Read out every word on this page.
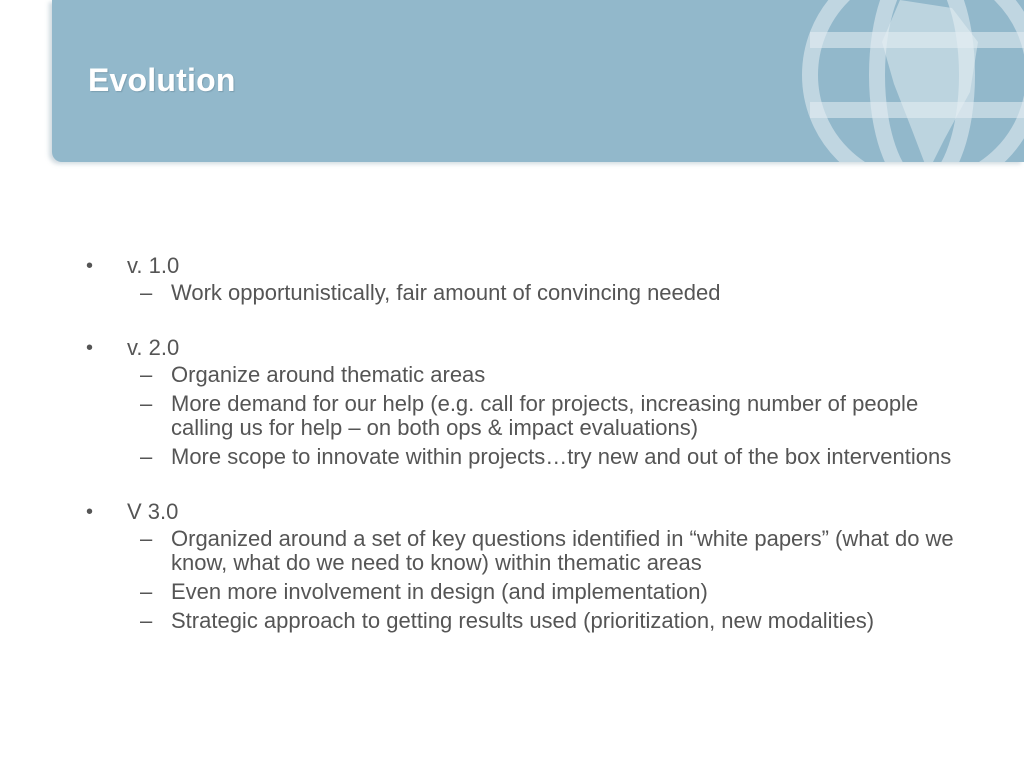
Evolution
• v. 1.0
– Work opportunistically, fair amount of convincing needed
• v. 2.0
– Organize around thematic areas
– More demand for our help (e.g. call for projects, increasing number of people calling us for help – on both ops & impact evaluations)
– More scope to innovate within projects…try new and out of the box interventions
• V 3.0
– Organized around a set of key questions identified in “white papers” (what do we know, what do we need to know) within thematic areas
– Even more involvement in design (and implementation)
– Strategic approach to getting results used (prioritization, new modalities)
